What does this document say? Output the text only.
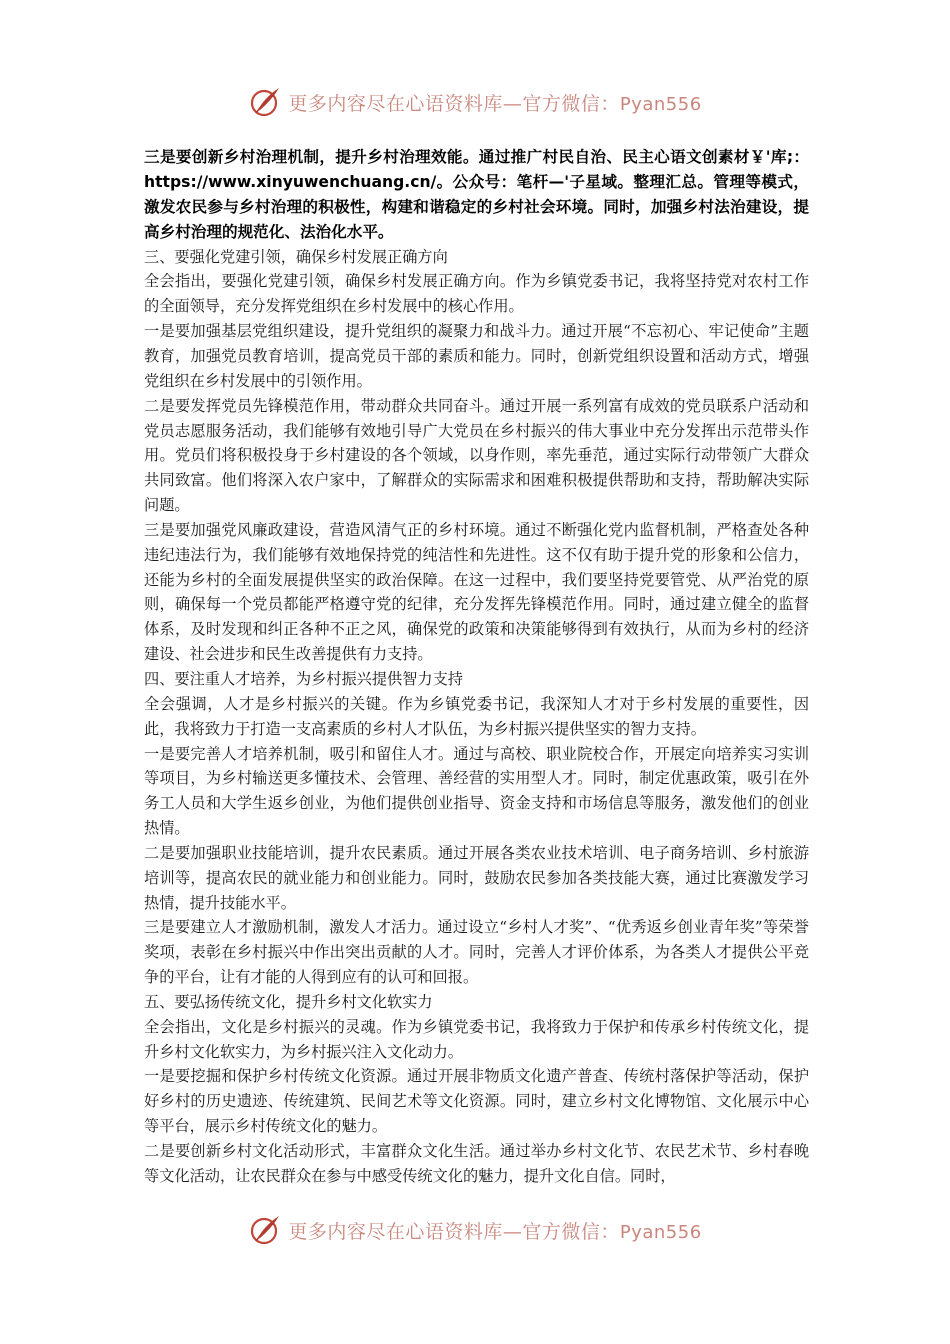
更多内容尽在心语资料库—官方微信：Pyan556

三是要创新乡村治理机制，提升乡村治理效能。通过推广村民自治、民主心语文创素材￥'库;：https://www.xinyuwenchuang.cn/。公众号：笔杆—'子星域。整理汇总。管理等模式，激发农民参与乡村治理的积极性，构建和谐稳定的乡村社会环境。同时，加强乡村法治建设，提高乡村治理的规范化、法治化水平。

三、要强化党建引领，确保乡村发展正确方向

全会指出，要强化党建引领，确保乡村发展正确方向。作为乡镇党委书记，我将坚持党对农村工作的全面领导，充分发挥党组织在乡村发展中的核心作用。

一是要加强基层党组织建设，提升党组织的凝聚力和战斗力。通过开展“不忘初心、牢记使命”主题教育，加强党员教育培训，提高党员干部的素质和能力。同时，创新党组织设置和活动方式，增强党组织在乡村发展中的引领作用。

二是要发挥党员先锋模范作用，带动群众共同奋斗。通过开展一系列富有成效的党员联系户活动和党员志愿服务活动，我们能够有效地引导广大党员在乡村振兴的伟大事业中充分发挥出示范带头作用。党员们将积极投身于乡村建设的各个领域，以身作则，率先垂范，通过实际行动带领广大群众共同致富。他们将深入农户家中，了解群众的实际需求和困难积极提供帮助和支持，帮助解决实际问题。

三是要加强党风廉政建设，营造风清气正的乡村环境。通过不断强化党内监督机制，严格查处各种违纪违法行为，我们能够有效地保持党的纯洁性和先进性。这不仅有助于提升党的形象和公信力，还能为乡村的全面发展提供坚实的政治保障。在这一过程中，我们要坚持党要管党、从严治党的原则，确保每一个党员都能严格遵守党的纪律，充分发挥先锋模范作用。同时，通过建立健全的监督体系，及时发现和纠正各种不正之风，确保党的政策和决策能够得到有效执行，从而为乡村的经济建设、社会进步和民生改善提供有力支持。

四、要注重人才培养，为乡村振兴提供智力支持

全会强调，人才是乡村振兴的关键。作为乡镇党委书记，我深知人才对于乡村发展的重要性，因此，我将致力于打造一支高素质的乡村人才队伍，为乡村振兴提供坚实的智力支持。

一是要完善人才培养机制，吸引和留住人才。通过与高校、职业院校合作，开展定向培养实习实训等项目，为乡村输送更多懂技术、会管理、善经营的实用型人才。同时，制定优惠政策，吸引在外务工人员和大学生返乡创业，为他们提供创业指导、资金支持和市场信息等服务，激发他们的创业热情。

二是要加强职业技能培训，提升农民素质。通过开展各类农业技术培训、电子商务培训、乡村旅游培训等，提高农民的就业能力和创业能力。同时，鼓励农民参加各类技能大赛，通过比赛激发学习热情，提升技能水平。

三是要建立人才激励机制，激发人才活力。通过设立“乡村人才奖”、“优秀返乡创业青年奖”等荣誉奖项，表彰在乡村振兴中作出突出贡献的人才。同时，完善人才评价体系，为各类人才提供公平竞争的平台，让有才能的人得到应有的认可和回报。

五、要弘扬传统文化，提升乡村文化软实力

全会指出，文化是乡村振兴的灵魂。作为乡镇党委书记，我将致力于保护和传承乡村传统文化，提升乡村文化软实力，为乡村振兴注入文化动力。

一是要挖掘和保护乡村传统文化资源。通过开展非物质文化遗产普查、传统村落保护等活动，保护好乡村的历史遗迹、传统建筑、民间艺术等文化资源。同时，建立乡村文化博物馆、文化展示中心等平台，展示乡村传统文化的魅力。

二是要创新乡村文化活动形式，丰富群众文化生活。通过举办乡村文化节、农民艺术节、乡村春晚等文化活动，让农民群众在参与中感受传统文化的魅力，提升文化自信。同时，

更多内容尽在心语资料库—官方微信：Pyan556
